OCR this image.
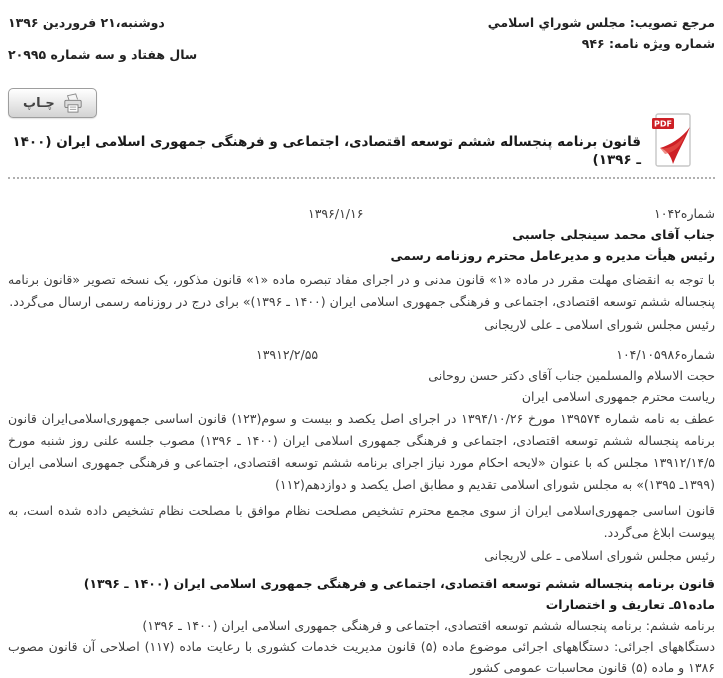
مرجع تصويب: مجلس شوراي اسلامي
شماره ويژه نامه: ۹۴۶
دوشنبه،۲۱ فروردین ۱۳۹۶
سال هفتاد و سه شماره ۲۰۹۹۵
چـاپ
PDF
قانون برنامه پنجساله ششم توسعه اقتصادی، اجتماعی و فرهنگی جمهوری اسلامی ایران (۱۴۰۰ ـ ۱۳۹۶)
شماره۱۰۴۲
۱۳۹۶/۱/۱۶
جناب آقای محمد سینجلی جاسبی
رئیس هیأت مدیره و مدیرعامل محترم روزنامه رسمی
با توجه به انقضای مهلت مقرر در ماده «۱» قانون مدنی و در اجرای مفاد تبصره ماده «۱» قانون مذکور، یک نسخه تصویر «قانون برنامه پنجساله ششم توسعه اقتصادی، اجتماعی و فرهنگی جمهوری اسلامی ایران (۱۴۰۰ ـ ۱۳۹۶)» برای درج در روزنامه رسمی ارسال می‌گردد.
رئیس مجلس شورای اسلامی ـ علی لاریجانی
شماره۱۰۴/۱۰۵۹۸۶
۱۳۹۱۲/۲/۵۵
حجت الاسلام والمسلمین جناب آقای دکتر حسن روحانی
ریاست محترم جمهوری اسلامی ایران
عطف به نامه شماره ۱۳۹۵۷۴ مورخ ۱۳۹۴/۱۰/۲۶ در اجرای اصل یکصد و بیست و سوم(۱۲۳) قانون اساسی جمهوری‌اسلامی‌ایران قانون برنامه پنجساله ششم توسعه اقتصادی، اجتماعی و فرهنگی جمهوری اسلامی ایران (۱۴۰۰ ـ ۱۳۹۶) مصوب جلسه علنی روز شنبه مورخ ۱۳۹۱۲/۱۴/۵ مجلس که با عنوان «لایحه احکام مورد نیاز اجرای برنامه ششم توسعه اقتصادی، اجتماعی و فرهنگی جمهوری اسلامی ایران (۱۳۹۹ـ ۱۳۹۵)» به مجلس شورای اسلامی تقدیم و مطابق اصل یکصد و دوازدهم(۱۱۲)
قانون اساسی جمهوری‌اسلامی ایران از سوی مجمع محترم تشخیص مصلحت نظام موافق با مصلحت نظام تشخیص داده شده است، به پیوست ابلاغ می‌گردد.
رئیس مجلس شورای اسلامی ـ علی لاریجانی
قانون برنامه پنجساله ششم توسعه اقتصادی، اجتماعی و فرهنگی جمهوری اسلامی ایران (۱۴۰۰ ـ ۱۳۹۶)
ماده۵۱ـ تعاریف و اختصارات
برنامه ششم: برنامه پنجساله ششم توسعه اقتصادی، اجتماعی و فرهنگی جمهوری اسلامی ایران (۱۴۰۰ ـ ۱۳۹۶)
دستگاههای اجرائی: دستگاههای اجرائی موضوع ماده (۵) قانون مدیریت خدمات کشوری با رعایت ماده (۱۱۷) اصلاحی آن قانون مصوب ۱۳۸۶ و ماده (۵) قانون محاسبات عمومی کشور
